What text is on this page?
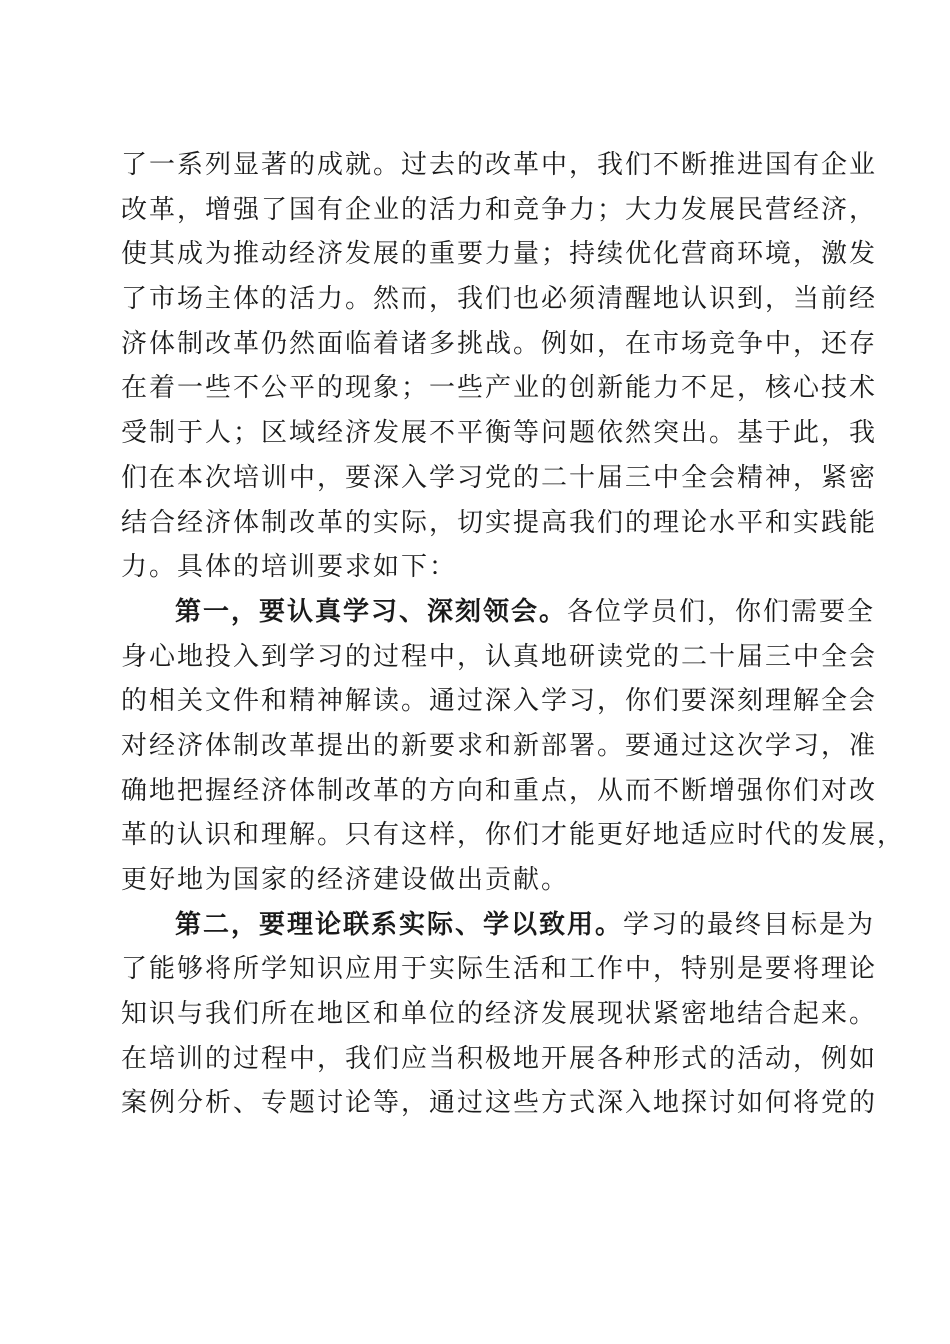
了一系列显著的成就。过去的改革中，我们不断推进国有企业
改革，增强了国有企业的活力和竞争力；大力发展民营经济，
使其成为推动经济发展的重要力量；持续优化营商环境，激发
了市场主体的活力。然而，我们也必须清醒地认识到，当前经
济体制改革仍然面临着诸多挑战。例如，在市场竞争中，还存
在着一些不公平的现象；一些产业的创新能力不足，核心技术
受制于人；区域经济发展不平衡等问题依然突出。基于此，我
们在本次培训中，要深入学习党的二十届三中全会精神，紧密
结合经济体制改革的实际，切实提高我们的理论水平和实践能
力。具体的培训要求如下：
第一，要认真学习、深刻领会。各位学员们，你们需要全
身心地投入到学习的过程中，认真地研读党的二十届三中全会
的相关文件和精神解读。通过深入学习，你们要深刻理解全会
对经济体制改革提出的新要求和新部署。要通过这次学习，准
确地把握经济体制改革的方向和重点，从而不断增强你们对改
革的认识和理解。只有这样，你们才能更好地适应时代的发展，
更好地为国家的经济建设做出贡献。
第二，要理论联系实际、学以致用。学习的最终目标是为
了能够将所学知识应用于实际生活和工作中，特别是要将理论
知识与我们所在地区和单位的经济发展现状紧密地结合起来。
在培训的过程中，我们应当积极地开展各种形式的活动，例如
案例分析、专题讨论等，通过这些方式深入地探讨如何将党的
